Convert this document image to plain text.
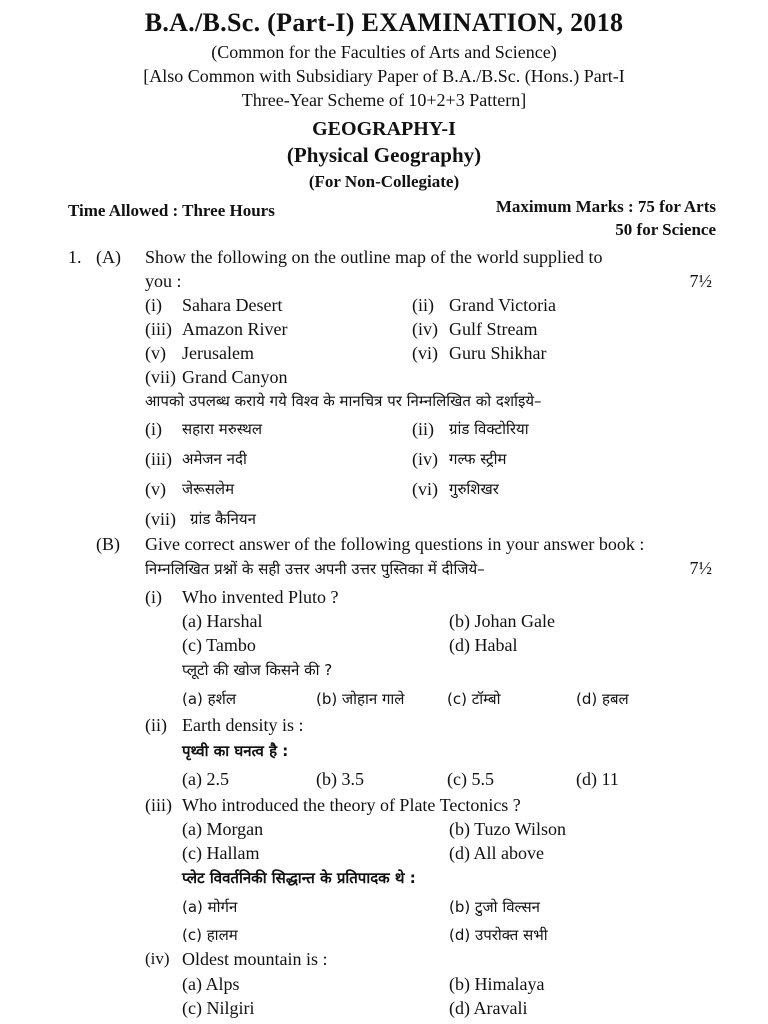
B.A./B.Sc. (Part-I) EXAMINATION, 2018
(Common for the Faculties of Arts and Science)
[Also Common with Subsidiary Paper of B.A./B.Sc. (Hons.) Part-I
Three-Year Scheme of 10+2+3 Pattern]
GEOGRAPHY-I
(Physical Geography)
(For Non-Collegiate)
Time Allowed : Three Hours	Maximum Marks : 75 for Arts
50 for Science
1. (A) Show the following on the outline map of the world supplied to
you :	7½
(i) Sahara Desert	(ii) Grand Victoria
(iii) Amazon River	(iv) Gulf Stream
(v) Jerusalem	(vi) Guru Shikhar
(vii) Grand Canyon
आपको उपलब्ध कराये गये विश्व के मानचित्र पर निम्नलिखित को दर्शाइये–
(i) सहारा मरुस्थल	(ii) ग्रांड विक्टोरिया
(iii) अमेजन नदी	(iv) गल्फ स्ट्रीम
(v) जेरूसलेम	(vi) गुरुशिखर
(vii) ग्रांड कैनियन
(B) Give correct answer of the following questions in your answer book :
निम्नलिखित प्रश्नों के सही उत्तर अपनी उत्तर पुस्तिका में दीजिये–	7½
(i) Who invented Pluto ?
(a) Harshal	(b) Johan Gale
(c) Tambo	(d) Habal
प्लूटो की खोज किसने की ?
(a) हर्शल	(b) जोहान गाले	(c) टॉम्बो	(d) हबल
(ii) Earth density is :
पृथ्वी का घनत्व है :
(a) 2.5	(b) 3.5	(c) 5.5	(d) 11
(iii) Who introduced the theory of Plate Tectonics ?
(a) Morgan	(b) Tuzo Wilson
(c) Hallam	(d) All above
प्लेट विवर्तनिकी सिद्धान्त के प्रतिपादक थे :
(a) मोर्गन	(b) टुजो विल्सन
(c) हालम	(d) उपरोक्त सभी
(iv) Oldest mountain is :
(a) Alps	(b) Himalaya
(c) Nilgiri	(d) Aravali
